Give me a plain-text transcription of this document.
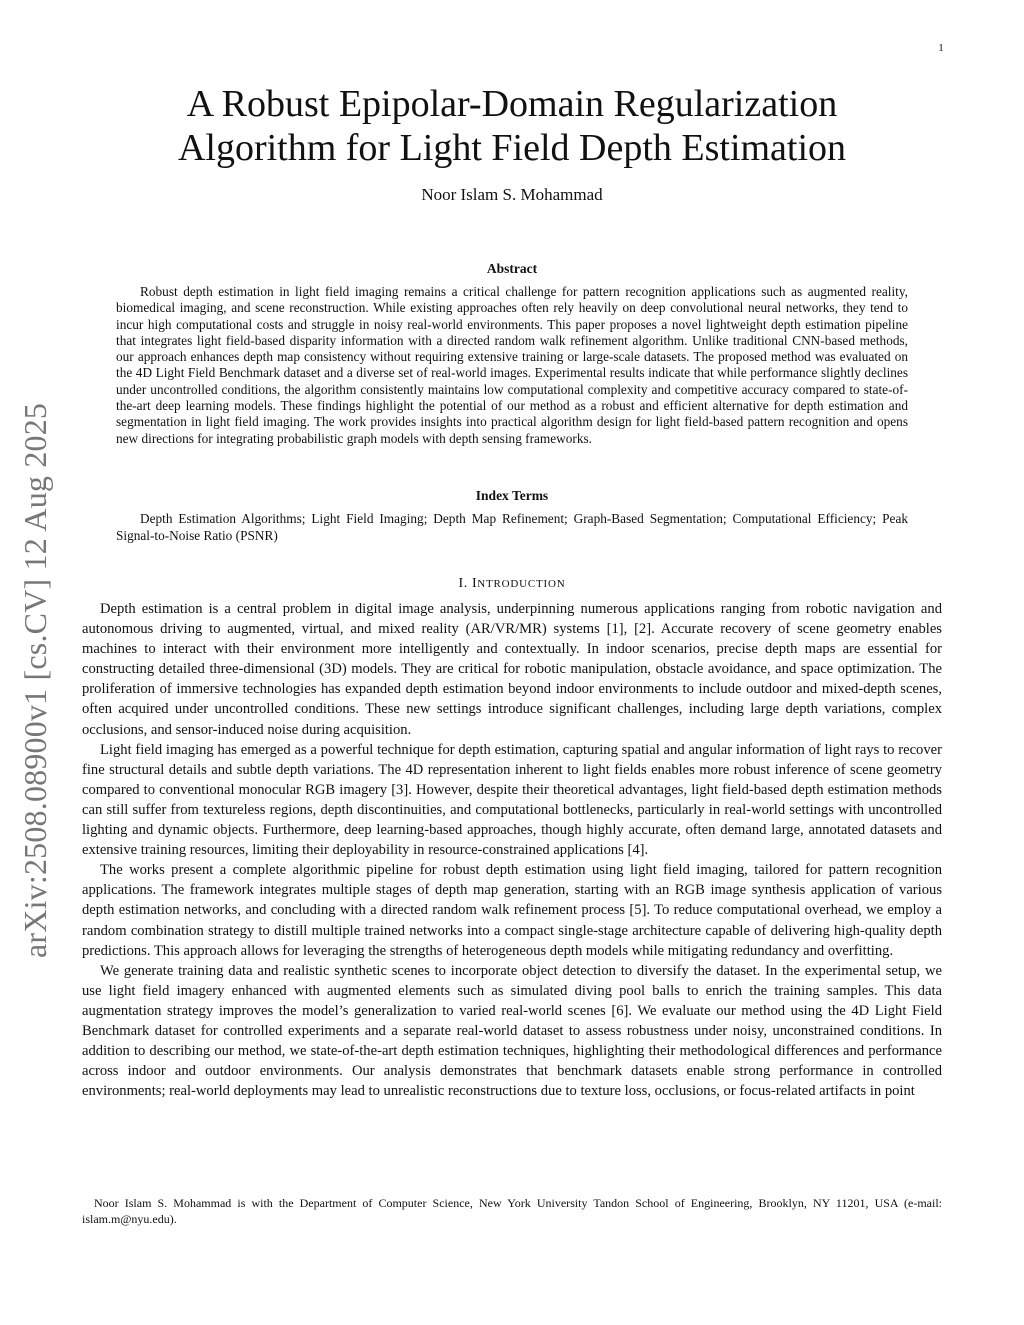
1
arXiv:2508.08900v1 [cs.CV] 12 Aug 2025
A Robust Epipolar-Domain Regularization Algorithm for Light Field Depth Estimation
Noor Islam S. Mohammad
Abstract

Robust depth estimation in light field imaging remains a critical challenge for pattern recognition applications such as augmented reality, biomedical imaging, and scene reconstruction. While existing approaches often rely heavily on deep convolutional neural networks, they tend to incur high computational costs and struggle in noisy real-world environments. This paper proposes a novel lightweight depth estimation pipeline that integrates light field-based disparity information with a directed random walk refinement algorithm. Unlike traditional CNN-based methods, our approach enhances depth map consistency without requiring extensive training or large-scale datasets. The proposed method was evaluated on the 4D Light Field Benchmark dataset and a diverse set of real-world images. Experimental results indicate that while performance slightly declines under uncontrolled conditions, the algorithm consistently maintains low computational complexity and competitive accuracy compared to state-of-the-art deep learning models. These findings highlight the potential of our method as a robust and efficient alternative for depth estimation and segmentation in light field imaging. The work provides insights into practical algorithm design for light field-based pattern recognition and opens new directions for integrating probabilistic graph models with depth sensing frameworks.

Index Terms

Depth Estimation Algorithms; Light Field Imaging; Depth Map Refinement; Graph-Based Segmentation; Computational Efficiency; Peak Signal-to-Noise Ratio (PSNR)

I. INTRODUCTION

Depth estimation is a central problem in digital image analysis, underpinning numerous applications ranging from robotic navigation and autonomous driving to augmented, virtual, and mixed reality (AR/VR/MR) systems [1], [2]. Accurate recovery of scene geometry enables machines to interact with their environment more intelligently and contextually. In indoor scenarios, precise depth maps are essential for constructing detailed three-dimensional (3D) models. They are critical for robotic manipulation, obstacle avoidance, and space optimization. The proliferation of immersive technologies has expanded depth estimation beyond indoor environments to include outdoor and mixed-depth scenes, often acquired under uncontrolled conditions. These new settings introduce significant challenges, including large depth variations, complex occlusions, and sensor-induced noise during acquisition.

Light field imaging has emerged as a powerful technique for depth estimation, capturing spatial and angular information of light rays to recover fine structural details and subtle depth variations. The 4D representation inherent to light fields enables more robust inference of scene geometry compared to conventional monocular RGB imagery [3]. However, despite their theoretical advantages, light field-based depth estimation methods can still suffer from textureless regions, depth discontinuities, and computational bottlenecks, particularly in real-world settings with uncontrolled lighting and dynamic objects. Furthermore, deep learning-based approaches, though highly accurate, often demand large, annotated datasets and extensive training resources, limiting their deployability in resource-constrained applications [4].

The works present a complete algorithmic pipeline for robust depth estimation using light field imaging, tailored for pattern recognition applications. The framework integrates multiple stages of depth map generation, starting with an RGB image synthesis application of various depth estimation networks, and concluding with a directed random walk refinement process [5]. To reduce computational overhead, we employ a random combination strategy to distill multiple trained networks into a compact single-stage architecture capable of delivering high-quality depth predictions. This approach allows for leveraging the strengths of heterogeneous depth models while mitigating redundancy and overfitting.

We generate training data and realistic synthetic scenes to incorporate object detection to diversify the dataset. In the experimental setup, we use light field imagery enhanced with augmented elements such as simulated diving pool balls to enrich the training samples. This data augmentation strategy improves the model’s generalization to varied real-world scenes [6]. We evaluate our method using the 4D Light Field Benchmark dataset for controlled experiments and a separate real-world dataset to assess robustness under noisy, unconstrained conditions. In addition to describing our method, we state-of-the-art depth estimation techniques, highlighting their methodological differences and performance across indoor and outdoor environments. Our analysis demonstrates that benchmark datasets enable strong performance in controlled environments; real-world deployments may lead to unrealistic reconstructions due to texture loss, occlusions, or focus-related artifacts in point

Noor Islam S. Mohammad is with the Department of Computer Science, New York University Tandon School of Engineering, Brooklyn, NY 11201, USA (e-mail: islam.m@nyu.edu).
